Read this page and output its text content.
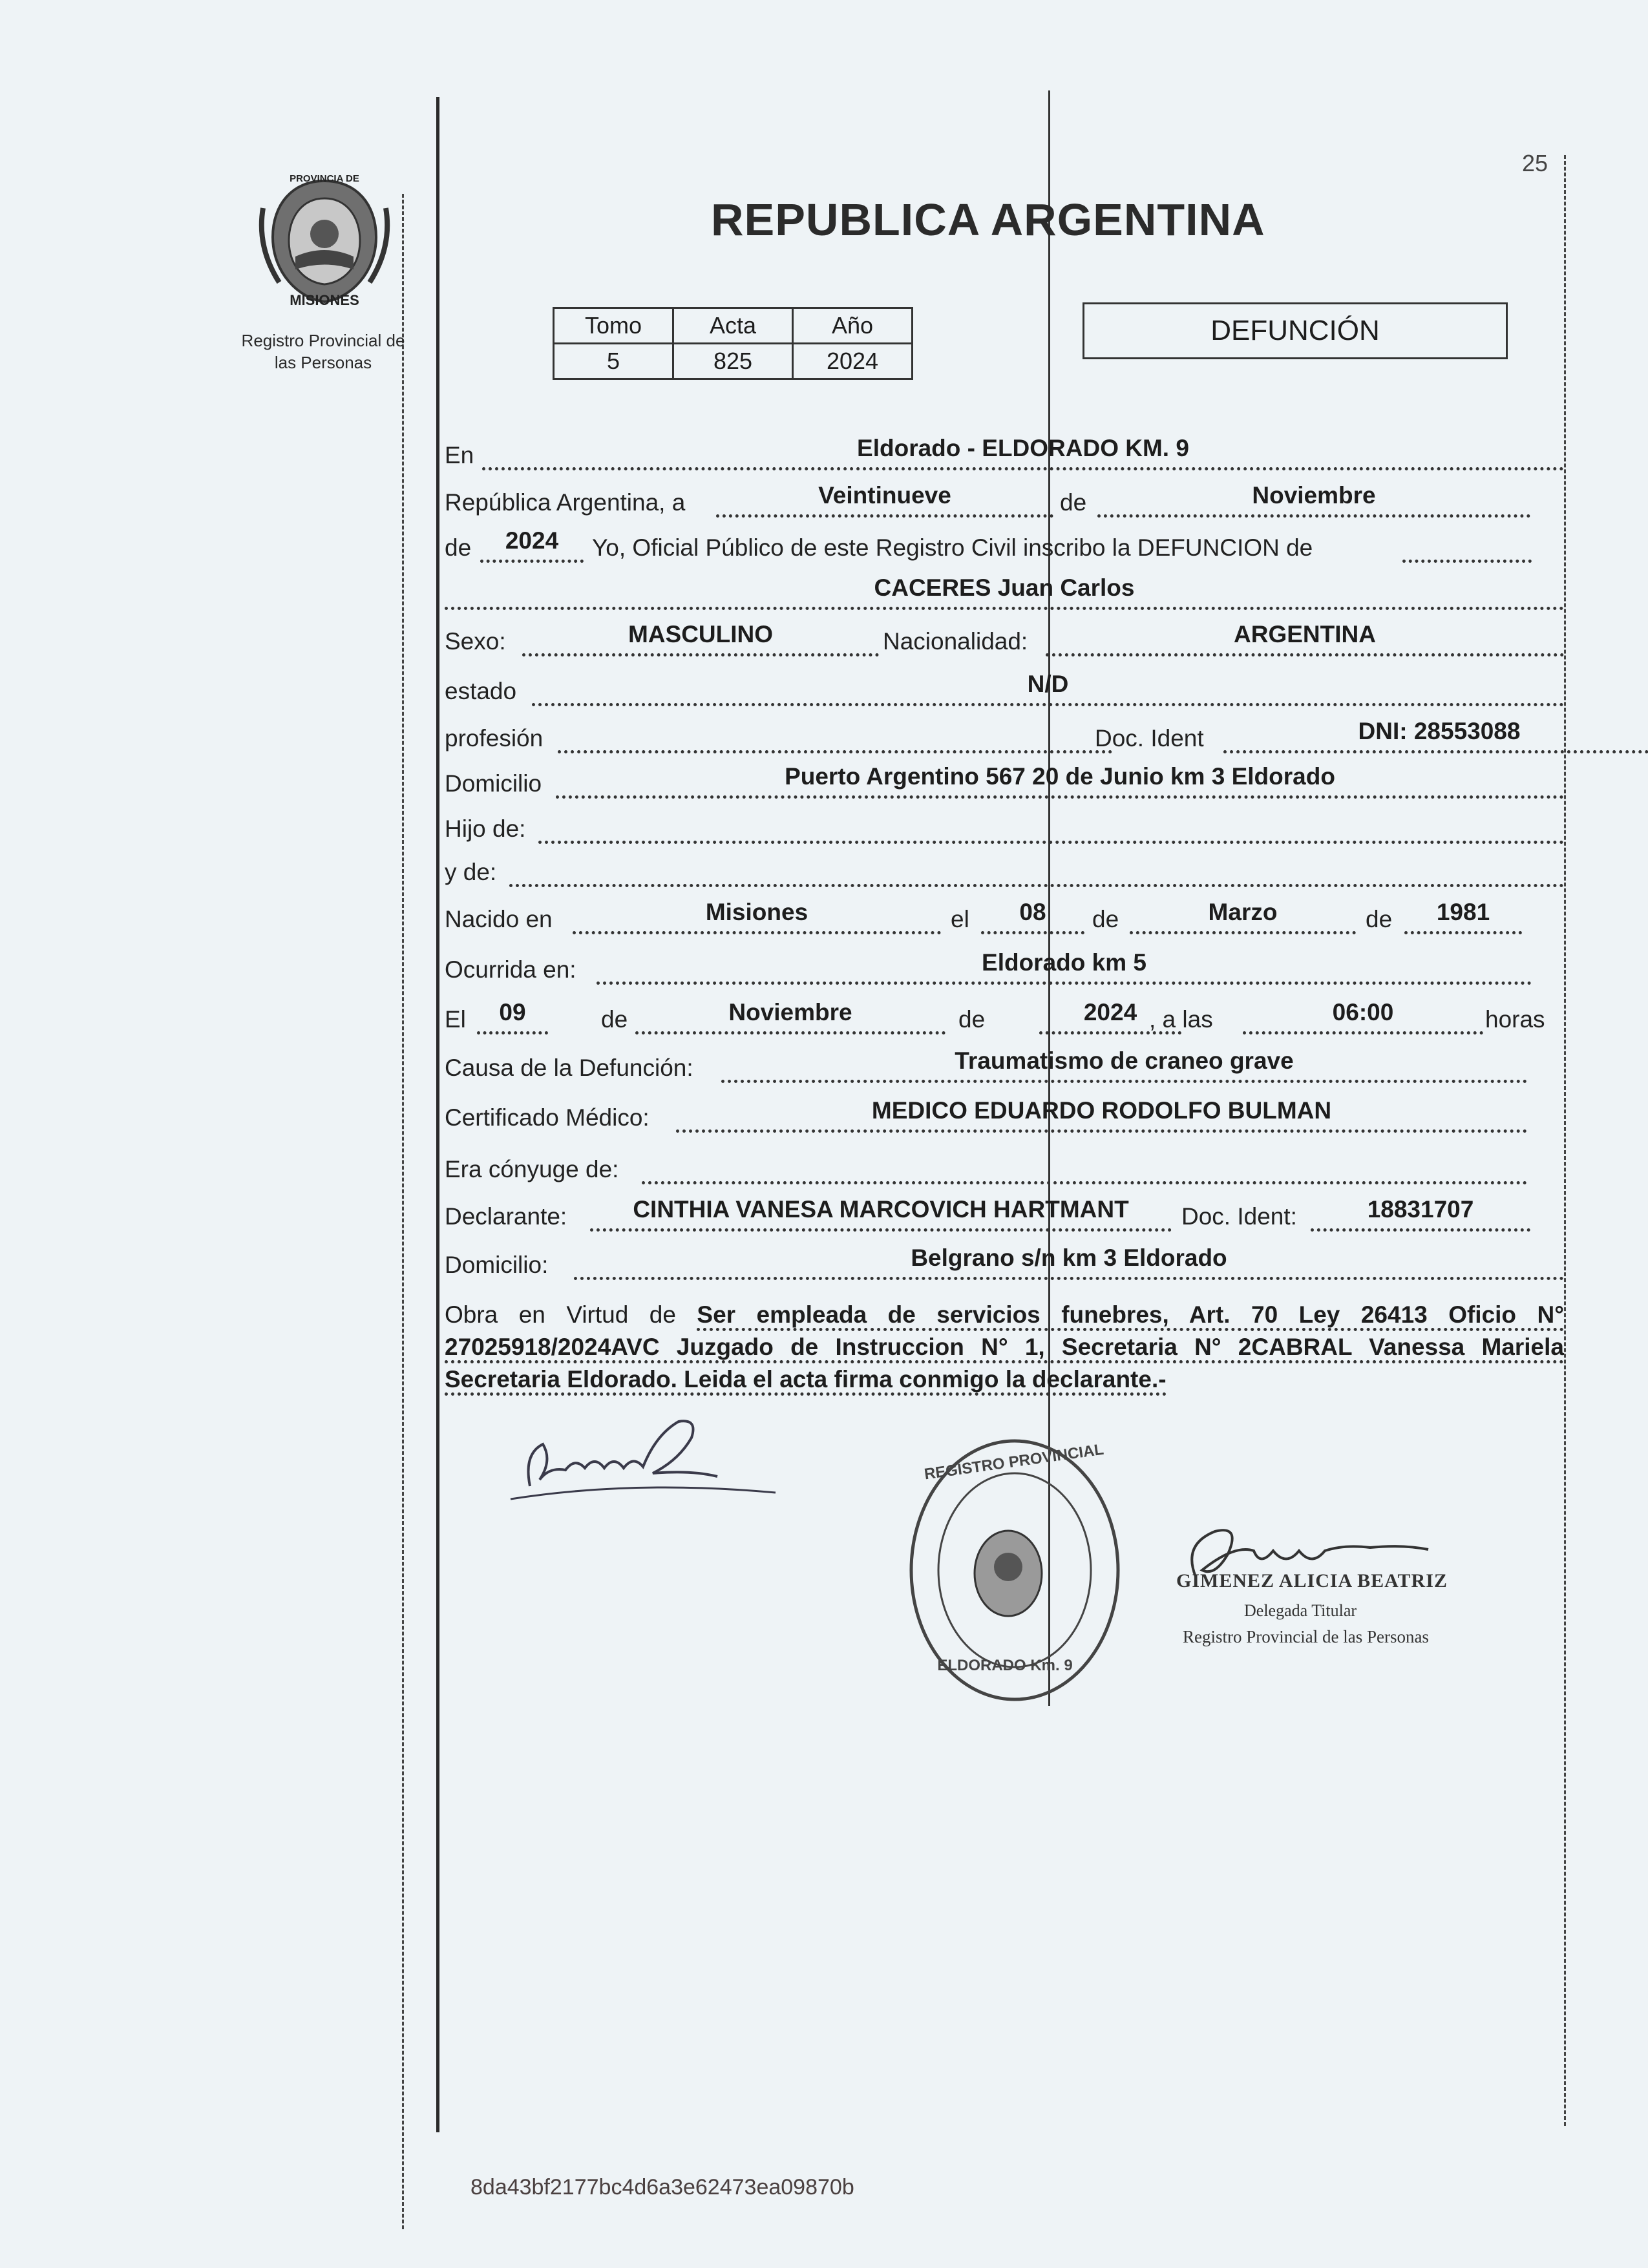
PROVINCIA DE
MISIONES
Registro Provincial de
las Personas
25
REPUBLICA ARGENTINA
Tomo	Acta	Año
5	825	2024
DEFUNCIÓN
En	Eldorado - ELDORADO KM. 9
República Argentina, a	Veintinueve	de	Noviembre
de	2024	Yo, Oficial Público de este Registro Civil inscribo la DEFUNCION de
CACERES Juan Carlos
Sexo:	MASCULINO	Nacionalidad:	ARGENTINA
estado	N/D
profesión	Doc. Ident	DNI: 28553088
Domicilio	Puerto Argentino 567 20 de Junio km 3 Eldorado
Hijo de:
y de:
Nacido en	Misiones	el	08	de	Marzo	de	1981
Ocurrida en:	Eldorado km 5
El	09	de	Noviembre	de	2024 , a las	06:00	horas
Causa de la Defunción:	Traumatismo de craneo grave
Certificado Médico:	MEDICO EDUARDO RODOLFO BULMAN
Era cónyuge de:
Declarante:	CINTHIA VANESA MARCOVICH HARTMANT	Doc. Ident:	18831707
Domicilio:	Belgrano s/n km 3 Eldorado
Obra en Virtud de Ser empleada de servicios funebres, Art. 70 Ley 26413 Oficio N° 27025918/2024AVC Juzgado de Instruccion N° 1, Secretaria N° 2CABRAL Vanessa Mariela Secretaria Eldorado. Leida el acta firma conmigo la declarante.-
REGISTRO PROVINCIAL
ELDORADO Km. 9
GIMENEZ ALICIA BEATRIZ
Delegada Titular
Registro Provincial de las Personas
8da43bf2177bc4d6a3e62473ea09870b
